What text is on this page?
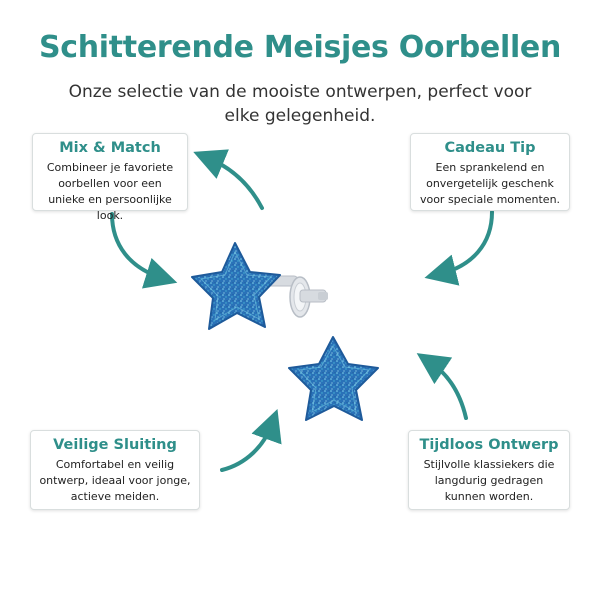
Schitterende Meisjes Oorbellen

Onze selectie van de mooiste ontwerpen, perfect voor elke gelegenheid.

Mix & Match

Combineer je favoriete oorbellen voor een unieke en persoonlijke look.

Cadeau Tip

Een sprankelend en onvergetelijk geschenk voor speciale momenten.

Veilige Sluiting

Comfortabel en veilig ontwerp, ideaal voor jonge, actieve meiden.

Tijdloos Ontwerp

Stijlvolle klassiekers die langdurig gedragen kunnen worden.
